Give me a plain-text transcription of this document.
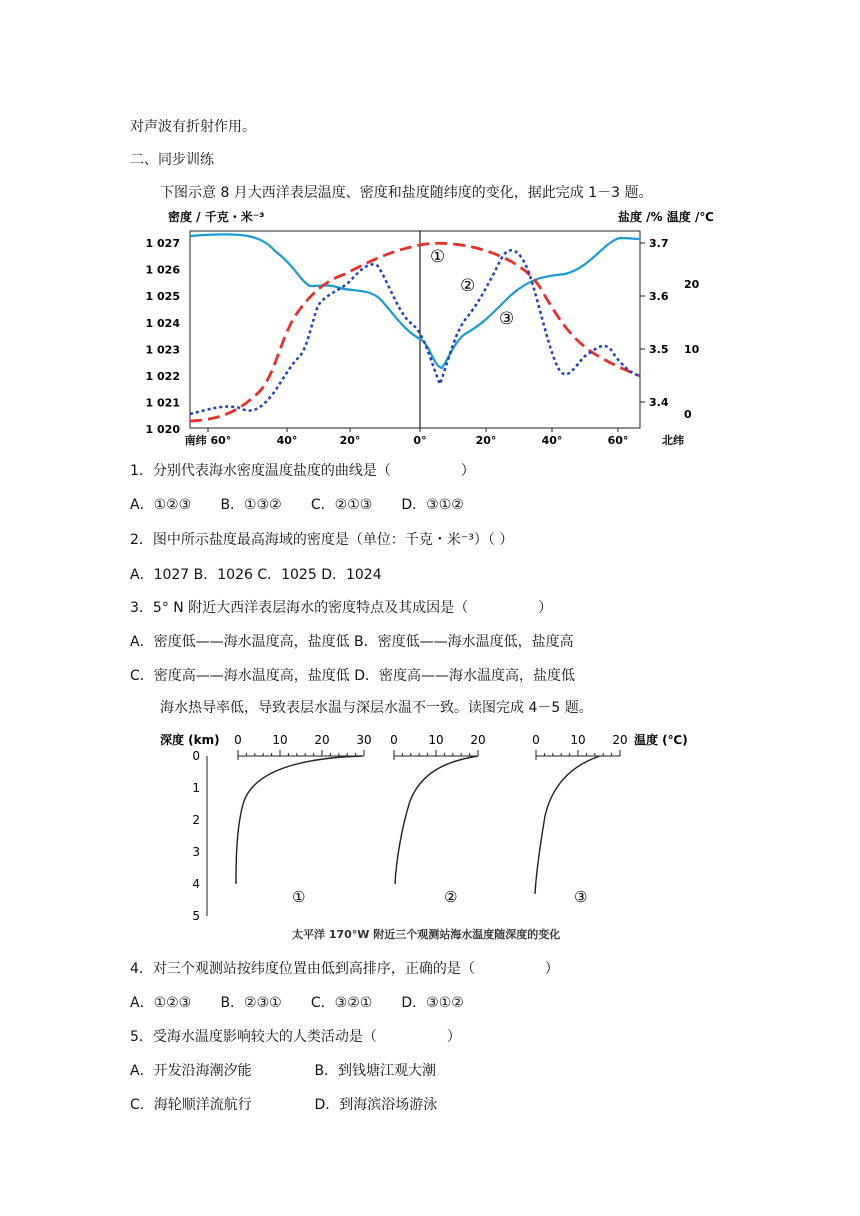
对声波有折射作用。
二、同步训练
下图示意 8 月大西洋表层温度、密度和盐度随纬度的变化，据此完成 1－3 题。
密度 / 千克・米⁻³	盐度 /% 温度 /℃
1 027
1 026
1 025
1 024
1 023
1 022
1 021
1 020
3.7
3.6
3.5
3.4
20
10
0
南纬 60°	40°	20°	0°	20°	40°	60°	北纬
①
②
③
1．分别代表海水密度温度盐度的曲线是（　　　　　）
A．①②③ B．①③② C．②①③ D．③①②
2．图中所示盐度最高海域的密度是（单位：千克・米⁻³）（ ）
A．1027 B．1026 C．1025 D．1024
3．5° N 附近大西洋表层海水的密度特点及其成因是（　　　　　）
A．密度低——海水温度高，盐度低 B．密度低——海水温度低，盐度高
C．密度高——海水温度高，盐度低 D．密度高——海水温度高，盐度低
海水热导率低，导致表层水温与深层水温不一致。读图完成 4－5 题。
深度 (km)	温度 (℃)
0
1
2
3
4
5
0	10 20 30 0	10 20	0	10 20
①	②	③
太平洋 170°W 附近三个观测站海水温度随深度的变化
4．对三个观测站按纬度位置由低到高排序，正确的是（　　　　　）
A．①②③ B．②③① C．③②① D．③①②
5．受海水温度影响较大的人类活动是（　　　　　）
A．开发沿海潮汐能	B．到钱塘江观大潮
C．海轮顺洋流航行	D．到海滨浴场游泳
